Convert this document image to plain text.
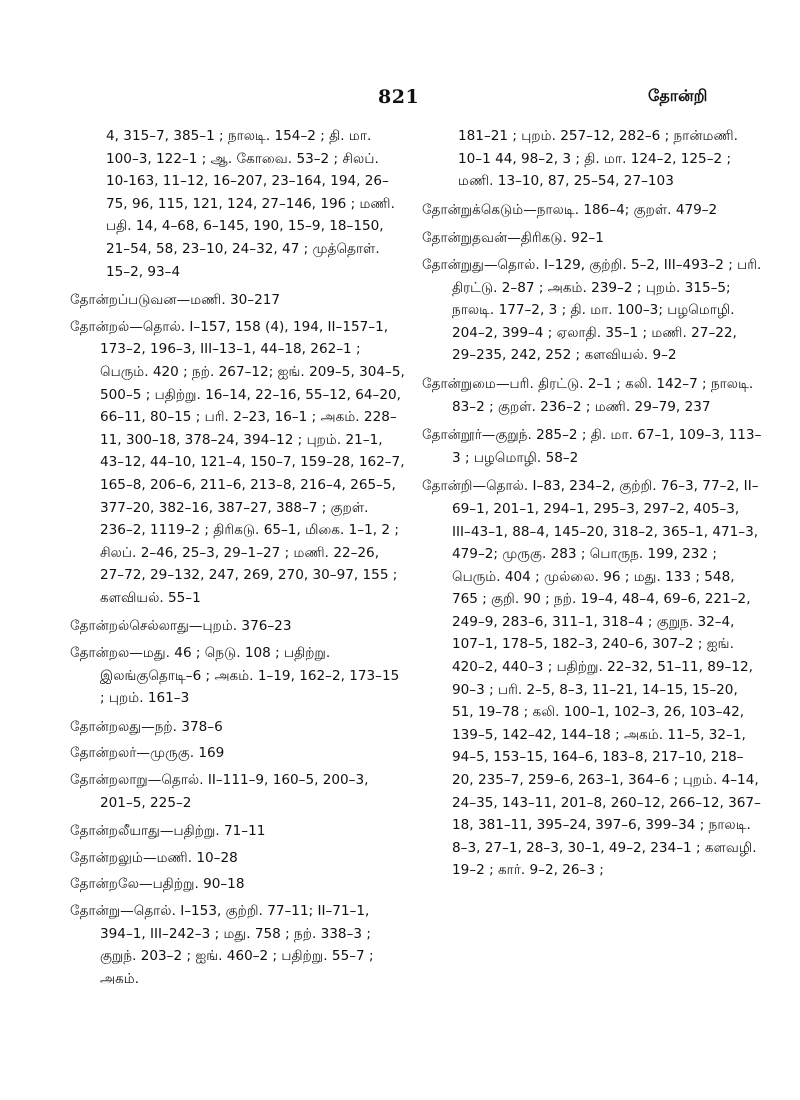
821	தோன்றி

4, 315–7, 385–1 ; நாலடி. 154–2 ; தி. மா. 100–3, 122–1 ; ஆ. கோவை. 53–2 ; சிலப். 10-163, 11–12, 16–207, 23–164, 194, 26–75, 96, 115, 121, 124, 27–146, 196 ; மணி. பதி. 14, 4–68, 6–145, 190, 15–9, 18–150, 21–54, 58, 23–10, 24–32, 47 ; முத்தொள். 15–2, 93–4

தோன்றப்படுவன—மணி. 30–217

தோன்றல்—தொல். I–157, 158 (4), 194, II–157–1, 173–2, 196–3, III–13–1, 44–18, 262–1 ; பெரும். 420 ; நற். 267–12; ஐங். 209–5, 304–5, 500–5 ; பதிற்று. 16–14, 22–16, 55–12, 64–20, 66–11, 80–15 ; பரி. 2–23, 16–1 ; அகம். 228–11, 300–18, 378–24, 394–12 ; புறம். 21–1, 43–12, 44–10, 121–4, 150–7, 159–28, 162–7, 165–8, 206–6, 211–6, 213–8, 216–4, 265–5, 377–20, 382–16, 387–27, 388–7 ; குறள். 236–2, 1119–2 ; திரிகடு. 65–1, மிகை. 1–1, 2 ; சிலப். 2–46, 25–3, 29–1–27 ; மணி. 22–26, 27–72, 29–132, 247, 269, 270, 30–97, 155 ; களவியல். 55–1

தோன்றல்செல்லாது—புறம். 376–23

தோன்றல—மது. 46 ; நெடு. 108 ; பதிற்று. இலங்குதொடி–6 ; அகம். 1–19, 162–2, 173–15 ; புறம். 161–3

தோன்றலது—நற். 378–6

தோன்றலர்—முருகு. 169

தோன்றலாறு—தொல். II–111–9, 160–5, 200–3, 201–5, 225–2

தோன்றலீயாது—பதிற்று. 71–11

தோன்றலும்—மணி. 10–28

தோன்றலே—பதிற்று. 90–18

தோன்று—தொல். I–153, குற்றி. 77–11; II–71–1, 394–1, III–242–3 ; மது. 758 ; நற். 338–3 ; குறுந். 203–2 ; ஐங். 460–2 ; பதிற்று. 55–7 ; அகம்.

181–21 ; புறம். 257–12, 282–6 ; நான்மணி. 10–1 44, 98–2, 3 ; தி. மா. 124–2, 125–2 ; மணி. 13–10, 87, 25–54, 27–103

தோன்றுக்கெடும்—நாலடி. 186–4; குறள். 479–2

தோன்றுதவன்—திரிகடு. 92–1

தோன்றுது—தொல். I–129, குற்றி. 5–2, III–493–2 ; பரி. திரட்டு. 2–87 ; அகம். 239–2 ; புறம். 315–5; நாலடி. 177–2, 3 ; தி. மா. 100–3; பழமொழி. 204–2, 399–4 ; ஏலாதி. 35–1 ; மணி. 27–22, 29–235, 242, 252 ; களவியல். 9–2

தோன்றுமை—பரி. திரட்டு. 2–1 ; கலி. 142–7 ; நாலடி. 83–2 ; குறள். 236–2 ; மணி. 29–79, 237

தோன்றூர்—குறுந். 285–2 ; தி. மா. 67–1, 109–3, 113–3 ; பழமொழி. 58–2

தோன்றி—தொல். I–83, 234–2, குற்றி. 76–3, 77–2, II–69–1, 201–1, 294–1, 295–3, 297–2, 405–3, III–43–1, 88–4, 145–20, 318–2, 365–1, 471–3, 479–2; முருகு. 283 ; பொருந. 199, 232 ; பெரும். 404 ; முல்லை. 96 ; மது. 133 ; 548, 765 ; குறி. 90 ; நற். 19–4, 48–4, 69–6, 221–2, 249–9, 283–6, 311–1, 318–4 ; குறுந. 32–4, 107–1, 178–5, 182–3, 240–6, 307–2 ; ஐங். 420–2, 440–3 ; பதிற்று. 22–32, 51–11, 89–12, 90–3 ; பரி. 2–5, 8–3, 11–21, 14–15, 15–20, 51, 19–78 ; கலி. 100–1, 102–3, 26, 103–42, 139–5, 142–42, 144–18 ; அகம். 11–5, 32–1, 94–5, 153–15, 164–6, 183–8, 217–10, 218–20, 235–7, 259–6, 263–1, 364–6 ; புறம். 4–14, 24–35, 143–11, 201–8, 260–12, 266–12, 367–18, 381–11, 395–24, 397–6, 399–34 ; நாலடி. 8–3, 27–1, 28–3, 30–1, 49–2, 234–1 ; களவழி. 19–2 ; கார். 9–2, 26–3 ;
